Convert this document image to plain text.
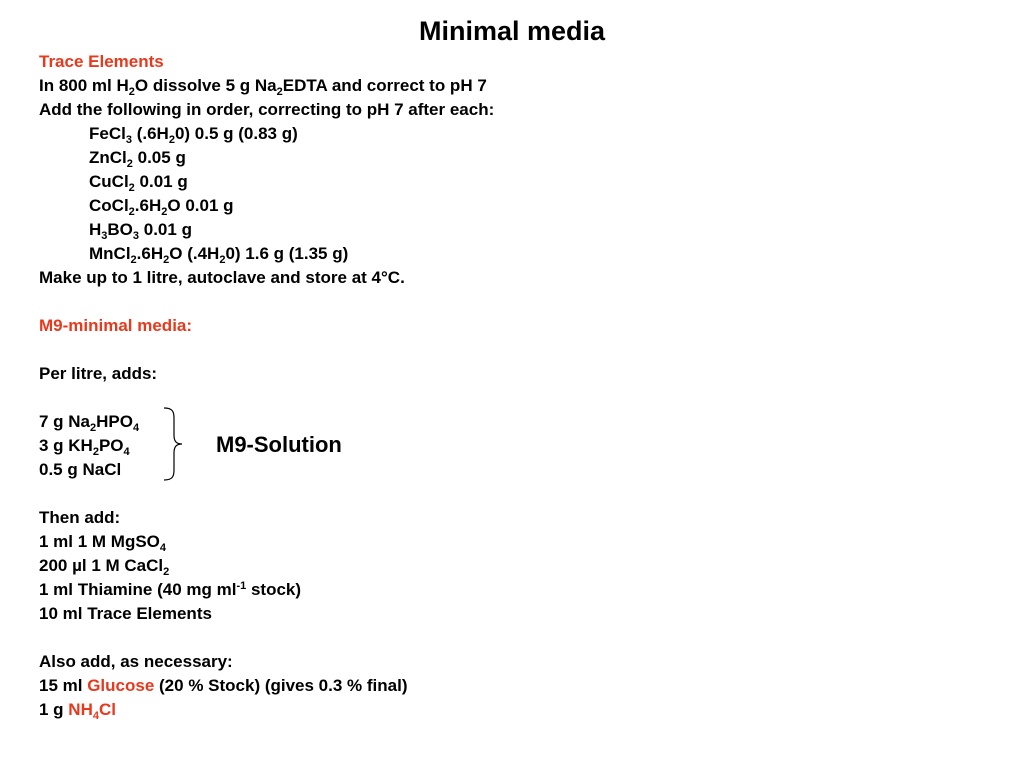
Minimal media
Trace Elements
In 800 ml $H_2O$ dissolve 5 g $Na_2EDTA$ and correct to pH 7
Add the following in order, correcting to pH 7 after each:
FeCl$_3$ $(.6H_20)$ 0.5 g (0.83 g)
ZnCl$_2$ 0.05 g
CuCl$_2$ 0.01 g
$CoCl_2.6H_2O$ 0.01 g
$H_3BO_3$ 0.01 g
$MnCl_2.6H_2O$ $(.4H_20)$ 1.6 g (1.35 g)
Make up to 1 litre, autoclave and store at 4°C.
M9-minimal media:
Per litre, adds:
7 g $Na_2HPO_4$
3 g $KH_2PO_4$
0.5 g NaCl
Then add:
1 ml 1 M MgSO$_4$
200 µl 1 M CaCl$_2$
1 ml Thiamine (40 mg $ml^{-1}$ stock)
10 ml Trace Elements
Also add, as necessary:
15 ml Glucose (20 % Stock) (gives 0.3 % final)
1 g $NH_4Cl$
M9-Solution
